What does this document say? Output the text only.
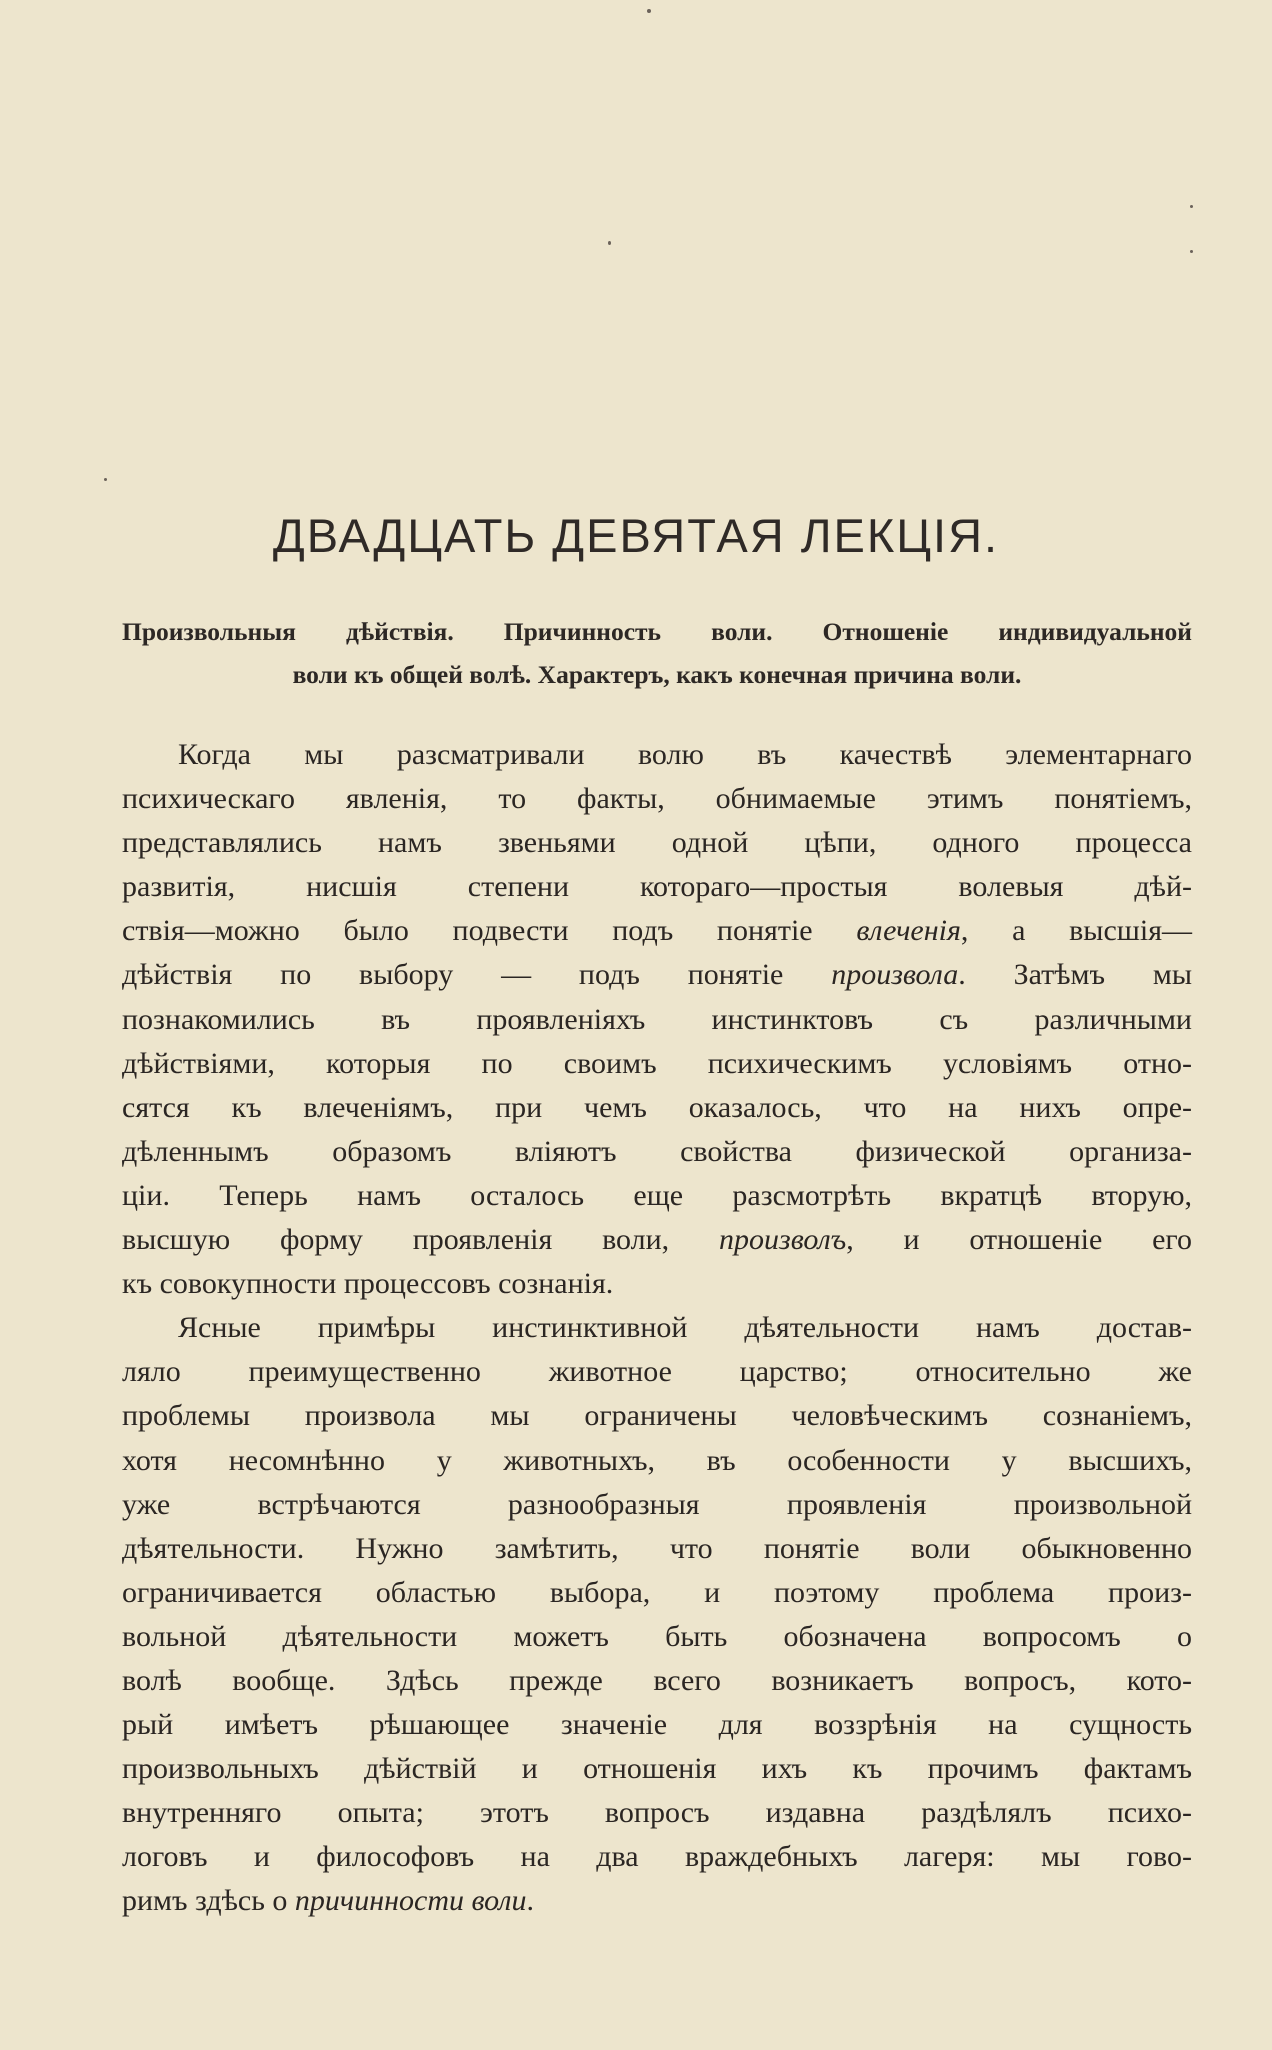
ДВАДЦАТЬ ДЕВЯТАЯ ЛЕКЦІЯ.
Произвольныя дѣйствія. Причинность воли. Отношеніе индивидуальной
воли къ общей волѣ. Характеръ, какъ конечная причина воли.
Когда мы разсматривали волю въ качествѣ элементарнаго
психическаго явленія, то факты, обнимаемые этимъ понятіемъ,
представлялись намъ звеньями одной цѣпи, одного процесса
развитія, нисшія степени котораго—простыя волевыя дѣй-
ствія—можно было подвести подъ понятіе влеченія, а высшія—
дѣйствія по выбору — подъ понятіе произвола. Затѣмъ мы
познакомились въ проявленіяхъ инстинктовъ съ различными
дѣйствіями, которыя по своимъ психическимъ условіямъ отно-
сятся къ влеченіямъ, при чемъ оказалось, что на нихъ опре-
дѣленнымъ образомъ вліяютъ свойства физической организа-
ціи. Теперь намъ осталось еще разсмотрѣть вкратцѣ вторую,
высшую форму проявленія воли, произволъ, и отношеніе его
къ совокупности процессовъ сознанія.
Ясные примѣры инстинктивной дѣятельности намъ достав-
ляло преимущественно животное царство; относительно же
проблемы произвола мы ограничены человѣческимъ сознаніемъ,
хотя несомнѣнно у животныхъ, въ особенности у высшихъ,
уже встрѣчаются разнообразныя проявленія произвольной
дѣятельности. Нужно замѣтить, что понятіе воли обыкновенно
ограничивается областью выбора, и поэтому проблема произ-
вольной дѣятельности можетъ быть обозначена вопросомъ о
волѣ вообще. Здѣсь прежде всего возникаетъ вопросъ, кото-
рый имѣетъ рѣшающее значеніе для воззрѣнія на сущность
произвольныхъ дѣйствій и отношенія ихъ къ прочимъ фактамъ
внутренняго опыта; этотъ вопросъ издавна раздѣлялъ психо-
логовъ и философовъ на два враждебныхъ лагеря: мы гово-
римъ здѣсь о причинности воли.
